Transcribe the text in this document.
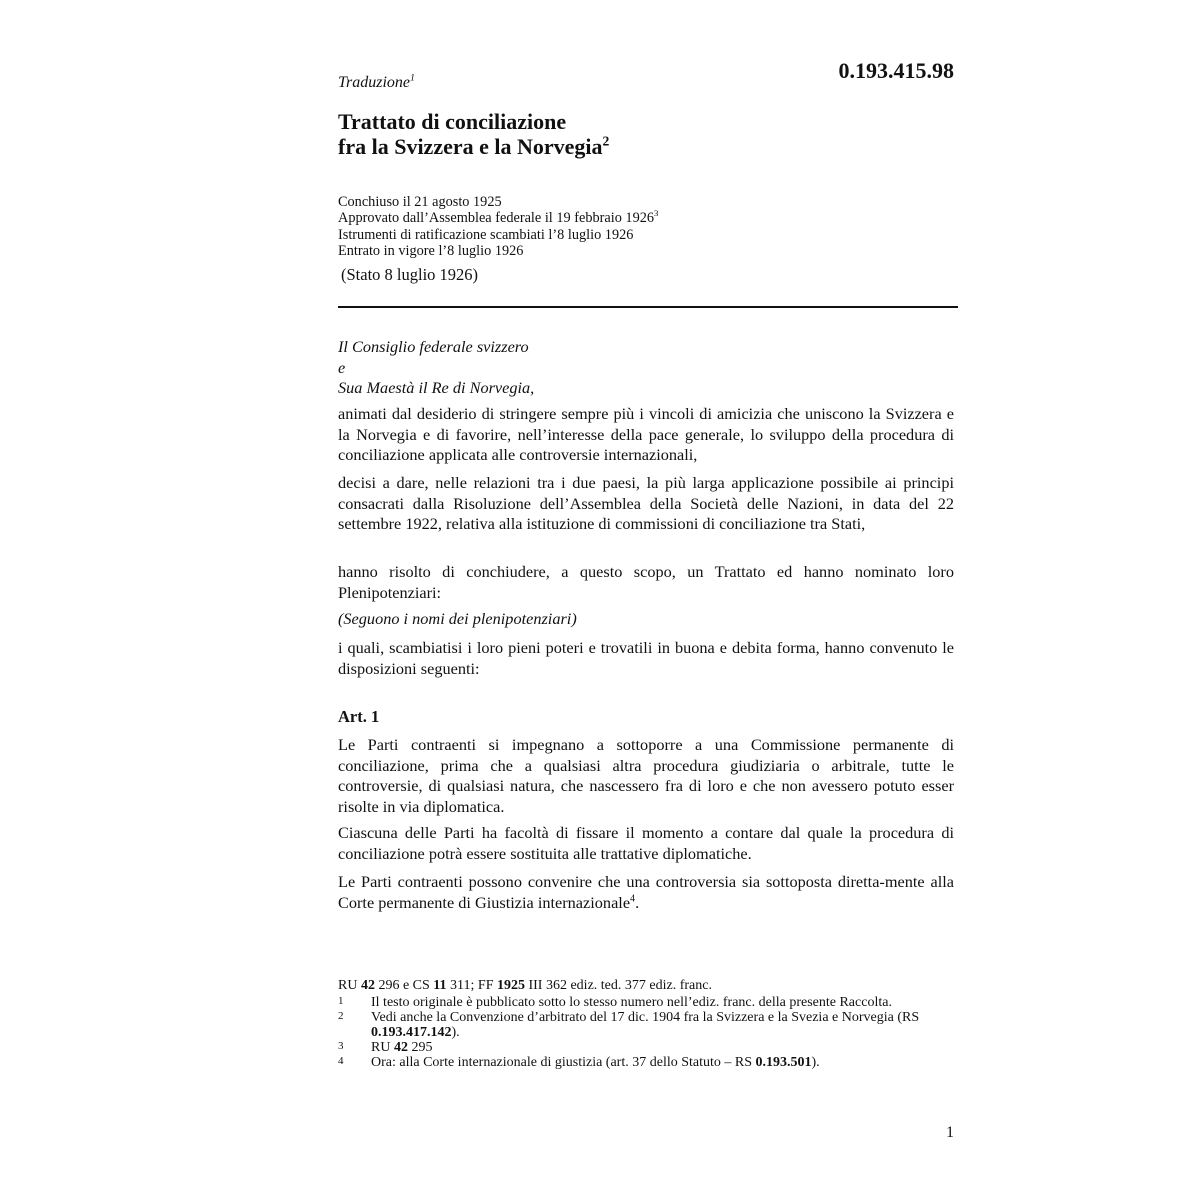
0.193.415.98
Traduzione$^1$
Trattato di conciliazione
fra la Svizzera e la Norvegia$^2$
Conchiuso il 21 agosto 1925
Approvato dall’Assemblea federale il 19 febbraio 1926$^3$
Istrumenti di ratificazione scambiati l’8 luglio 1926
Entrato in vigore l’8 luglio 1926
(Stato 8 luglio 1926)
Il Consiglio federale svizzero
e
Sua Maestà il Re di Norvegia,
animati dal desiderio di stringere sempre più i vincoli di amicizia che uniscono la Svizzera e la Norvegia e di favorire, nell’interesse della pace generale, lo sviluppo della procedura di conciliazione applicata alle controversie internazionali,
decisi a dare, nelle relazioni tra i due paesi, la più larga applicazione possibile ai principi consacrati dalla Risoluzione dell’Assemblea della Società delle Nazioni, in data del 22 settembre 1922, relativa alla istituzione di commissioni di conciliazione tra Stati,
hanno risolto di conchiudere, a questo scopo, un Trattato ed hanno nominato loro Plenipotenziari:
(Seguono i nomi dei plenipotenziari)
i quali, scambiatisi i loro pieni poteri e trovatili in buona e debita forma, hanno convenuto le disposizioni seguenti:
Art. 1
Le Parti contraenti si impegnano a sottoporre a una Commissione permanente di conciliazione, prima che a qualsiasi altra procedura giudiziaria o arbitrale, tutte le controversie, di qualsiasi natura, che nascessero fra di loro e che non avessero potuto esser risolte in via diplomatica.
Ciascuna delle Parti ha facoltà di fissare il momento a contare dal quale la procedura di conciliazione potrà essere sostituita alle trattative diplomatiche.
Le Parti contraenti possono convenire che una controversia sia sottoposta diretta-mente alla Corte permanente di Giustizia internazionale$^4$.
RU 42 296 e CS 11 311; FF 1925 III 362 ediz. ted. 377 ediz. franc.
1	Il testo originale è pubblicato sotto lo stesso numero nell’ediz. franc. della presente Raccolta.
2	Vedi anche la Convenzione d’arbitrato del 17 dic. 1904 fra la Svizzera e la Svezia e Norvegia (RS 0.193.417.142).
3	RU 42 295
4	Ora: alla Corte internazionale di giustizia (art. 37 dello Statuto – RS 0.193.501).
1
